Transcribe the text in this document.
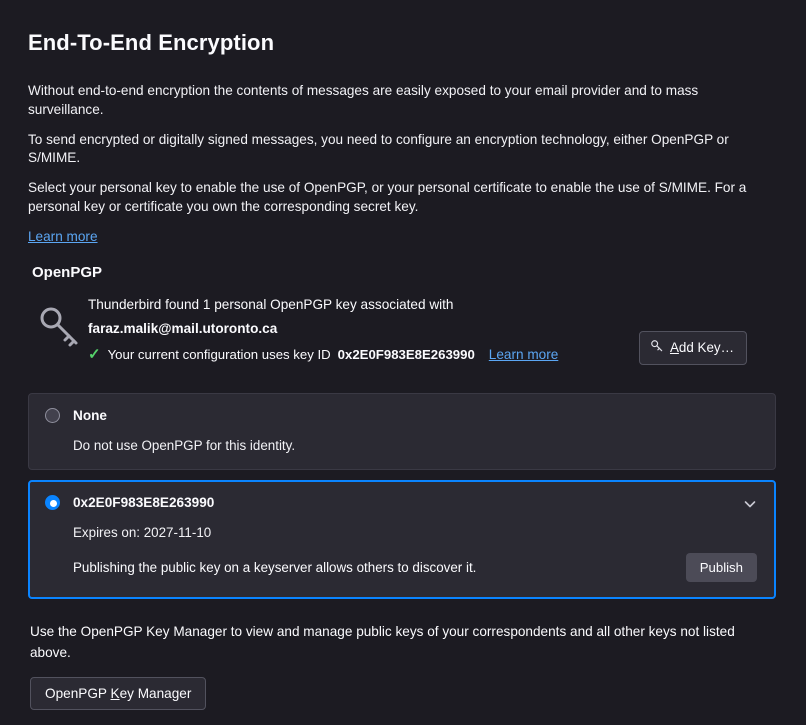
End-To-End Encryption

Without end-to-end encryption the contents of messages are easily exposed to your email provider and to mass surveillance.

To send encrypted or digitally signed messages, you need to configure an encryption technology, either OpenPGP or S/MIME.

Select your personal key to enable the use of OpenPGP, or your personal certificate to enable the use of S/MIME. For a personal key or certificate you own the corresponding secret key.

Learn more
OpenPGP
Thunderbird found 1 personal OpenPGP key associated with
faraz.malik@mail.utoronto.ca
✓ Your current configuration uses key ID 0x2E0F983E8E263990 Learn more	Add Key…
None
Do not use OpenPGP for this identity.
0x2E0F983E8E263990
Expires on: 2027-11-10
Publishing the public key on a keyserver allows others to discover it.	Publish
Use the OpenPGP Key Manager to view and manage public keys of your correspondents and all other keys not listed above.
OpenPGP Key Manager
